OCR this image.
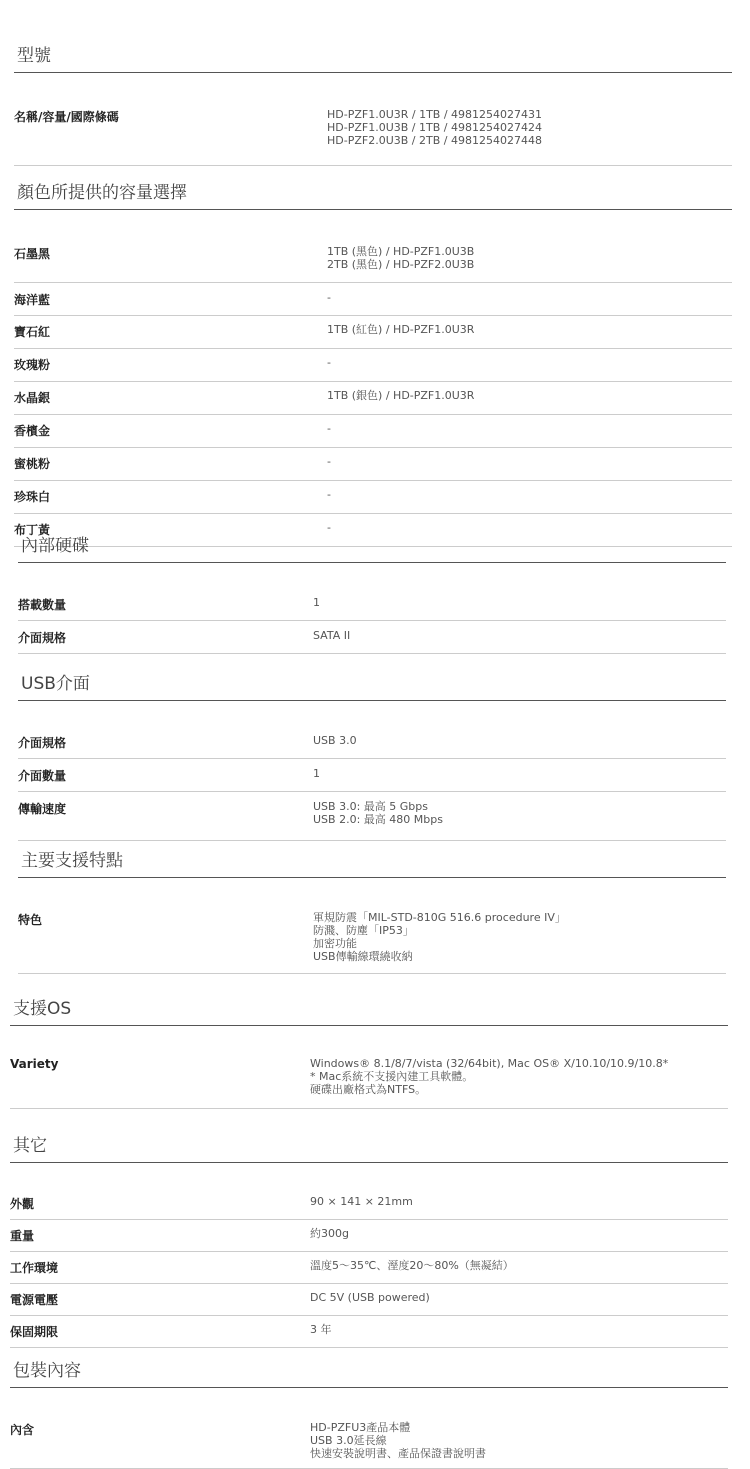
型號
名稱/容量/國際條碼	HD-PZF1.0U3R / 1TB / 4981254027431
HD-PZF1.0U3B / 1TB / 4981254027424
HD-PZF2.0U3B / 2TB / 4981254027448
顏色所提供的容量選擇
石墨黑	1TB (黑色) / HD-PZF1.0U3B
2TB (黑色) / HD-PZF2.0U3B
海洋藍	-
寶石紅	1TB (紅色) / HD-PZF1.0U3R
玫瑰粉	-
水晶銀	1TB (銀色) / HD-PZF1.0U3R
香檳金	-
蜜桃粉	-
珍珠白	-
布丁黃	-
內部硬碟
搭載數量	1
介面規格	SATA II
USB介面
介面規格	USB 3.0
介面數量	1
傳輸速度	USB 3.0: 最高 5 Gbps
USB 2.0: 最高 480 Mbps
主要支援特點
特色	軍規防震「MIL-STD-810G 516.6 procedure IV」
防濺、防塵「IP53」
加密功能
USB傳輸線環繞收納
支援OS
Variety	Windows® 8.1/8/7/vista (32/64bit), Mac OS® X/10.10/10.9/10.8*
* Mac系統不支援內建工具軟體。
硬碟出廠格式為NTFS。
其它
外觀	90 × 141 × 21mm
重量	約300g
工作環境	溫度5～35℃、溼度20～80%（無凝結）
電源電壓	DC 5V (USB powered)
保固期限	3 年
包裝內容
內含	HD-PZFU3產品本體
USB 3.0延長線
快速安裝說明書、產品保證書說明書
